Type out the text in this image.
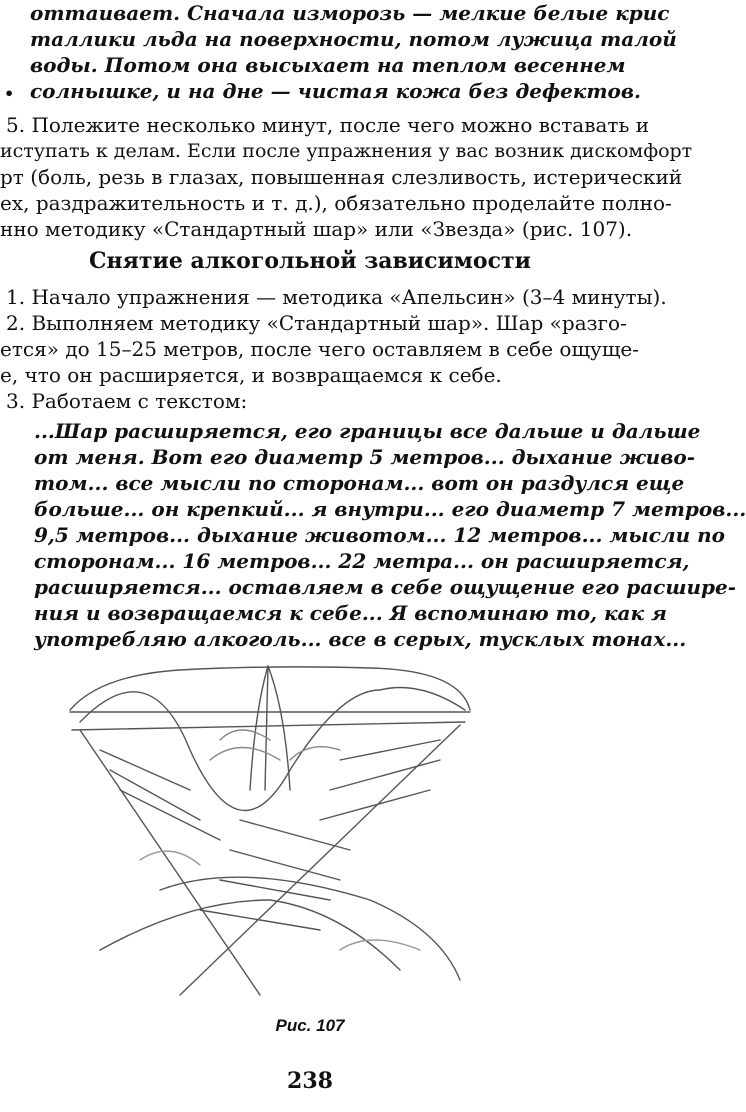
оттаивает. Сначала изморозь — мелкие белые крис
таллики льда на поверхности, потом лужица талой
воды. Потом она высыхает на теплом весеннем
• солнышке, и на дне — чистая кожа без дефектов.
5. Полежите несколько минут, после чего можно вставать и
иступать к делам. Если после упражнения у вас возник дискомфорт
рт (боль, резь в глазах, повышенная слезливость, истерический
ех, раздражительность и т. д.), обязательно проделайте полно-
нно методику «Стандартный шар» или «Звезда» (рис. 107).
Снятие алкогольной зависимости
1. Начало упражнения — методика «Апельсин» (3–4 минуты).
2. Выполняем методику «Стандартный шар». Шар «разго-
ется» до 15–25 метров, после чего оставляем в себе ощуще-
е, что он расширяется, и возвращаемся к себе.
3. Работаем с текстом:
...Шар расширяется, его границы все дальше и дальше
от меня. Вот его диаметр 5 метров... дыхание живо-
том... все мысли по сторонам... вот он раздулся еще
больше... он крепкий... я внутри... его диаметр 7 метров...
9,5 метров... дыхание животом... 12 метров... мысли по
сторонам... 16 метров... 22 метра... он расширяется,
расширяется... оставляем в себе ощущение его расшире-
ния и возвращаемся к себе... Я вспоминаю то, как я
употребляю алкоголь... все в серых, тусклых тонах...
Рис. 107
238
